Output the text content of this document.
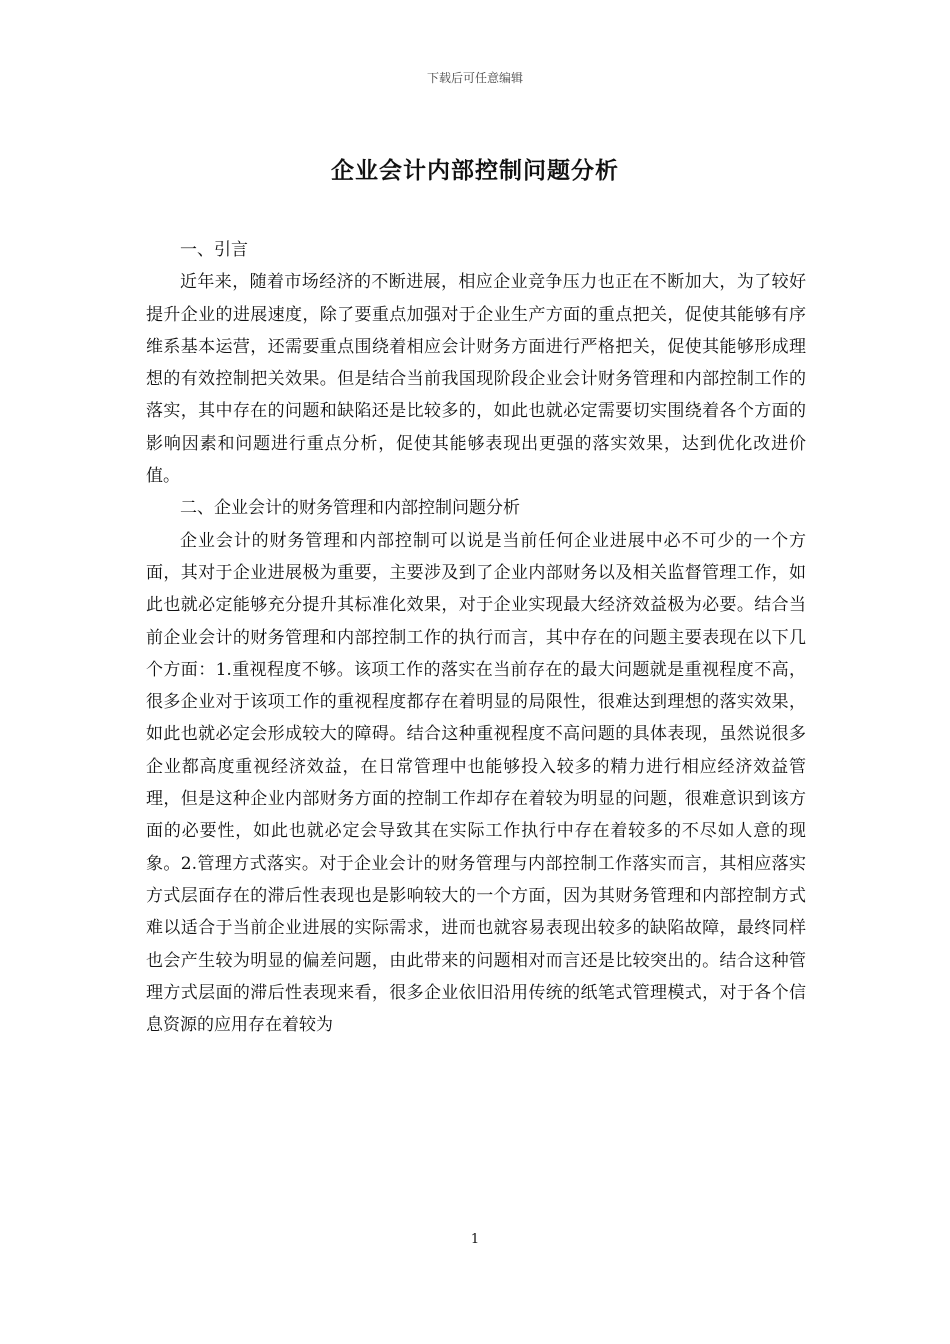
下载后可任意编辑
企业会计内部控制问题分析

一、引言

近年来，随着市场经济的不断进展，相应企业竞争压力也正在不断加大，为了较好提升企业的进展速度，除了要重点加强对于企业生产方面的重点把关，促使其能够有序维系基本运营，还需要重点围绕着相应会计财务方面进行严格把关，促使其能够形成理想的有效控制把关效果。但是结合当前我国现阶段企业会计财务管理和内部控制工作的落实，其中存在的问题和缺陷还是比较多的，如此也就必定需要切实围绕着各个方面的影响因素和问题进行重点分析，促使其能够表现出更强的落实效果，达到优化改进价值。

二、企业会计的财务管理和内部控制问题分析

企业会计的财务管理和内部控制可以说是当前任何企业进展中必不可少的一个方面，其对于企业进展极为重要，主要涉及到了企业内部财务以及相关监督管理工作，如此也就必定能够充分提升其标准化效果，对于企业实现最大经济效益极为必要。结合当前企业会计的财务管理和内部控制工作的执行而言，其中存在的问题主要表现在以下几个方面：1.重视程度不够。该项工作的落实在当前存在的最大问题就是重视程度不高，很多企业对于该项工作的重视程度都存在着明显的局限性，很难达到理想的落实效果，如此也就必定会形成较大的障碍。结合这种重视程度不高问题的具体表现，虽然说很多企业都高度重视经济效益，在日常管理中也能够投入较多的精力进行相应经济效益管理，但是这种企业内部财务方面的控制工作却存在着较为明显的问题，很难意识到该方面的必要性，如此也就必定会导致其在实际工作执行中存在着较多的不尽如人意的现象。2.管理方式落实。对于企业会计的财务管理与内部控制工作落实而言，其相应落实方式层面存在的滞后性表现也是影响较大的一个方面，因为其财务管理和内部控制方式难以适合于当前企业进展的实际需求，进而也就容易表现出较多的缺陷故障，最终同样也会产生较为明显的偏差问题，由此带来的问题相对而言还是比较突出的。结合这种管理方式层面的滞后性表现来看，很多企业依旧沿用传统的纸笔式管理模式，对于各个信息资源的应用存在着较为

1
